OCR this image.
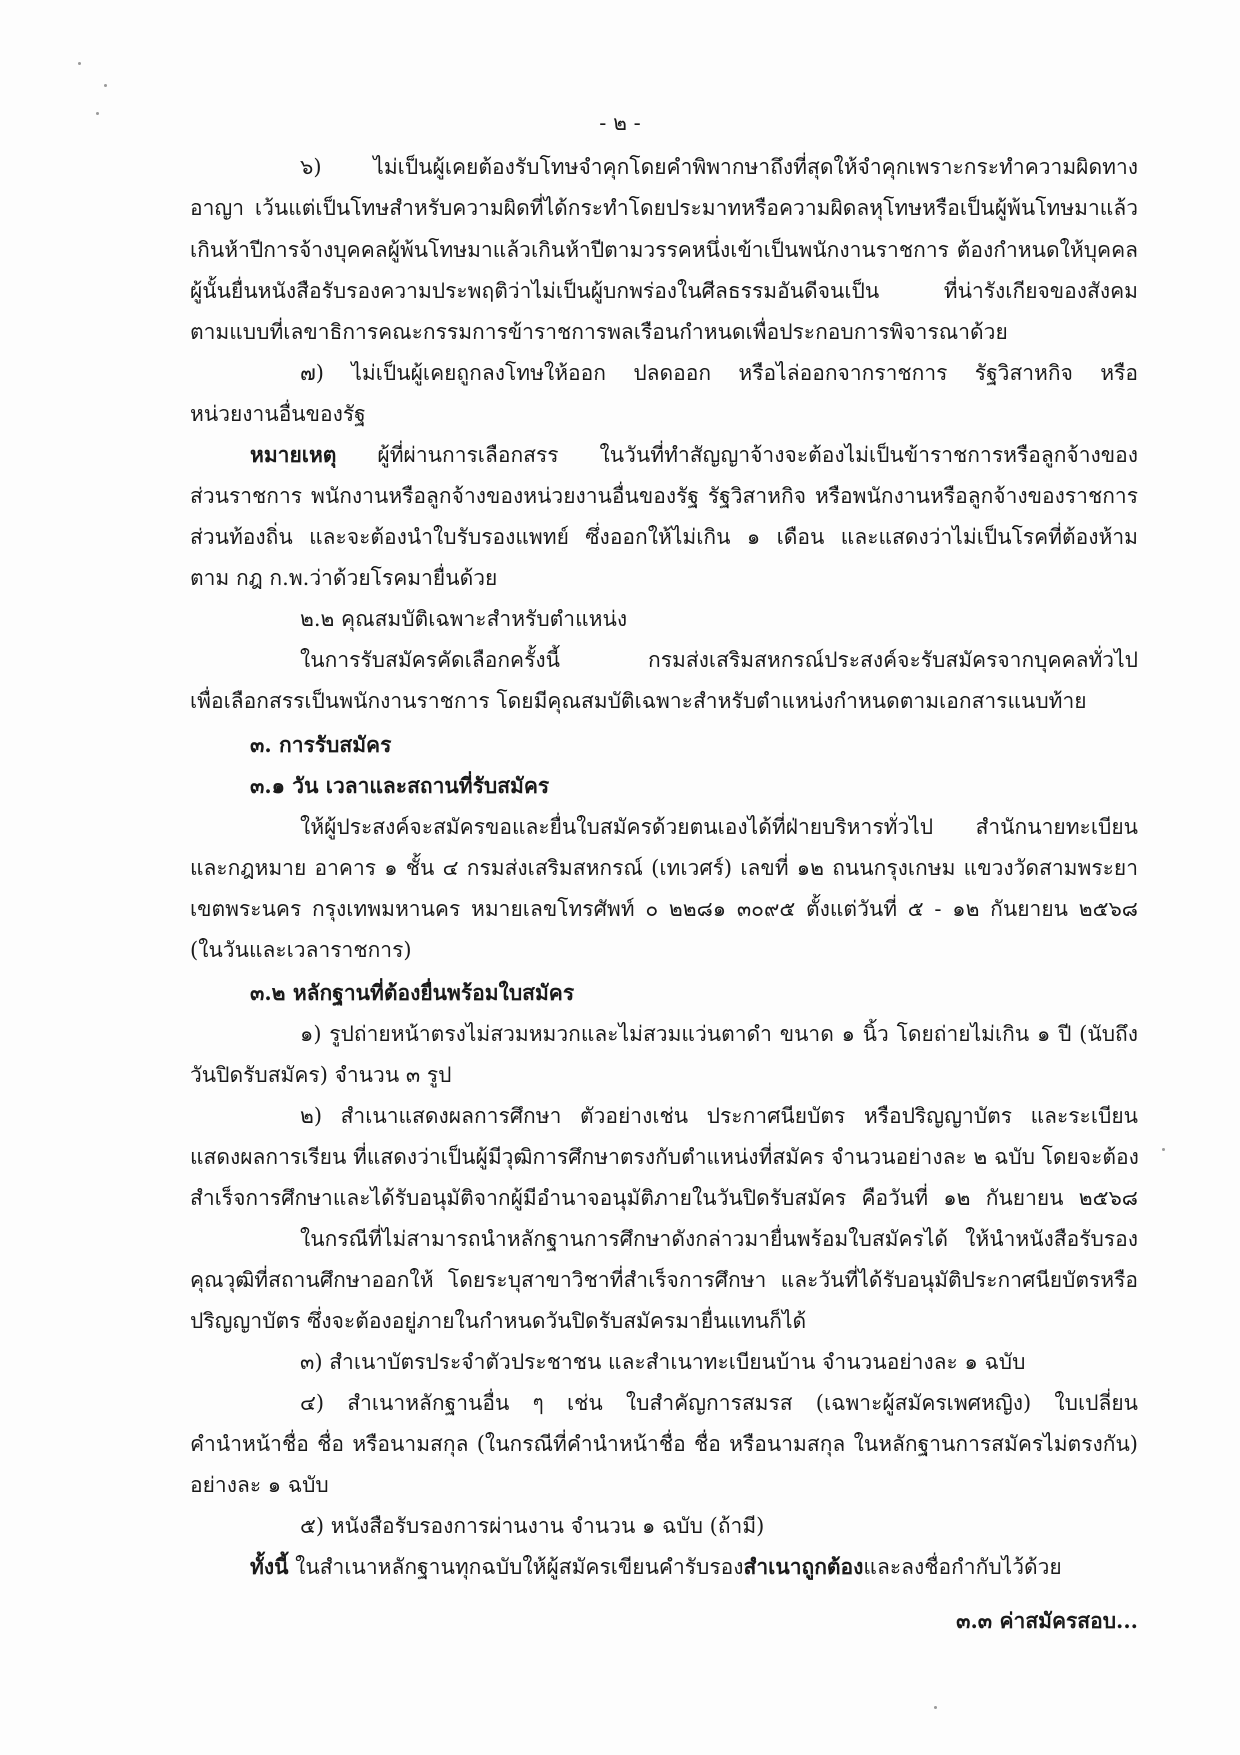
- ๒ -
๖) ไม่เป็นผู้เคยต้องรับโทษจำคุกโดยคำพิพากษาถึงที่สุดให้จำคุกเพราะกระทำความผิดทาง
อาญา เว้นแต่เป็นโทษสำหรับความผิดที่ได้กระทำโดยประมาทหรือความผิดลหุโทษหรือเป็นผู้พ้นโทษมาแล้ว
เกินห้าปีการจ้างบุคคลผู้พ้นโทษมาแล้วเกินห้าปีตามวรรคหนึ่งเข้าเป็นพนักงานราชการ ต้องกำหนดให้บุคคล
ผู้นั้นยื่นหนังสือรับรองความประพฤติว่าไม่เป็นผู้บกพร่องในศีลธรรมอันดีจนเป็น ที่น่ารังเกียจของสังคม
ตามแบบที่เลขาธิการคณะกรรมการข้าราชการพลเรือนกำหนดเพื่อประกอบการพิจารณาด้วย
๗) ไม่เป็นผู้เคยถูกลงโทษให้ออก ปลดออก หรือไล่ออกจากราชการ รัฐวิสาหกิจ หรือ
หน่วยงานอื่นของรัฐ
หมายเหตุ ผู้ที่ผ่านการเลือกสรร ในวันที่ทำสัญญาจ้างจะต้องไม่เป็นข้าราชการหรือลูกจ้างของ
ส่วนราชการ พนักงานหรือลูกจ้างของหน่วยงานอื่นของรัฐ รัฐวิสาหกิจ หรือพนักงานหรือลูกจ้างของราชการ
ส่วนท้องถิ่น และจะต้องนำใบรับรองแพทย์ ซึ่งออกให้ไม่เกิน ๑ เดือน และแสดงว่าไม่เป็นโรคที่ต้องห้าม
ตาม กฎ ก.พ.ว่าด้วยโรคมายื่นด้วย
๒.๒ คุณสมบัติเฉพาะสำหรับตำแหน่ง
ในการรับสมัครคัดเลือกครั้งนี้ กรมส่งเสริมสหกรณ์ประสงค์จะรับสมัครจากบุคคลทั่วไป
เพื่อเลือกสรรเป็นพนักงานราชการ โดยมีคุณสมบัติเฉพาะสำหรับตำแหน่งกำหนดตามเอกสารแนบท้าย
๓. การรับสมัคร
๓.๑ วัน เวลาและสถานที่รับสมัคร
ให้ผู้ประสงค์จะสมัครขอและยื่นใบสมัครด้วยตนเองได้ที่ฝ่ายบริหารทั่วไป สำนักนายทะเบียน
และกฎหมาย อาคาร ๑ ชั้น ๔ กรมส่งเสริมสหกรณ์ (เทเวศร์) เลขที่ ๑๒ ถนนกรุงเกษม แขวงวัดสามพระยา
เขตพระนคร กรุงเทพมหานคร หมายเลขโทรศัพท์ ๐ ๒๒๘๑ ๓๐๙๕ ตั้งแต่วันที่ ๕ - ๑๒ กันยายน ๒๕๖๘
(ในวันและเวลาราชการ)
๓.๒ หลักฐานที่ต้องยื่นพร้อมใบสมัคร
๑) รูปถ่ายหน้าตรงไม่สวมหมวกและไม่สวมแว่นตาดำ ขนาด ๑ นิ้ว โดยถ่ายไม่เกิน ๑ ปี (นับถึง
วันปิดรับสมัคร) จำนวน ๓ รูป
๒) สำเนาแสดงผลการศึกษา ตัวอย่างเช่น ประกาศนียบัตร หรือปริญญาบัตร และระเบียน
แสดงผลการเรียน ที่แสดงว่าเป็นผู้มีวุฒิการศึกษาตรงกับตำแหน่งที่สมัคร จำนวนอย่างละ ๒ ฉบับ โดยจะต้อง
สำเร็จการศึกษาและได้รับอนุมัติจากผู้มีอำนาจอนุมัติภายในวันปิดรับสมัคร คือวันที่ ๑๒ กันยายน ๒๕๖๘
ในกรณีที่ไม่สามารถนำหลักฐานการศึกษาดังกล่าวมายื่นพร้อมใบสมัครได้ ให้นำหนังสือรับรอง
คุณวุฒิที่สถานศึกษาออกให้ โดยระบุสาขาวิชาที่สำเร็จการศึกษา และวันที่ได้รับอนุมัติประกาศนียบัตรหรือ
ปริญญาบัตร ซึ่งจะต้องอยู่ภายในกำหนดวันปิดรับสมัครมายื่นแทนก็ได้
๓) สำเนาบัตรประจำตัวประชาชน และสำเนาทะเบียนบ้าน จำนวนอย่างละ ๑ ฉบับ
๔) สำเนาหลักฐานอื่น ๆ เช่น ใบสำคัญการสมรส (เฉพาะผู้สมัครเพศหญิง) ใบเปลี่ยน
คำนำหน้าชื่อ ชื่อ หรือนามสกุล (ในกรณีที่คำนำหน้าชื่อ ชื่อ หรือนามสกุล ในหลักฐานการสมัครไม่ตรงกัน)
อย่างละ ๑ ฉบับ
๕) หนังสือรับรองการผ่านงาน จำนวน ๑ ฉบับ (ถ้ามี)
ทั้งนี้ ในสำเนาหลักฐานทุกฉบับให้ผู้สมัครเขียนคำรับรองสำเนาถูกต้องและลงชื่อกำกับไว้ด้วย
๓.๓ ค่าสมัครสอบ...
